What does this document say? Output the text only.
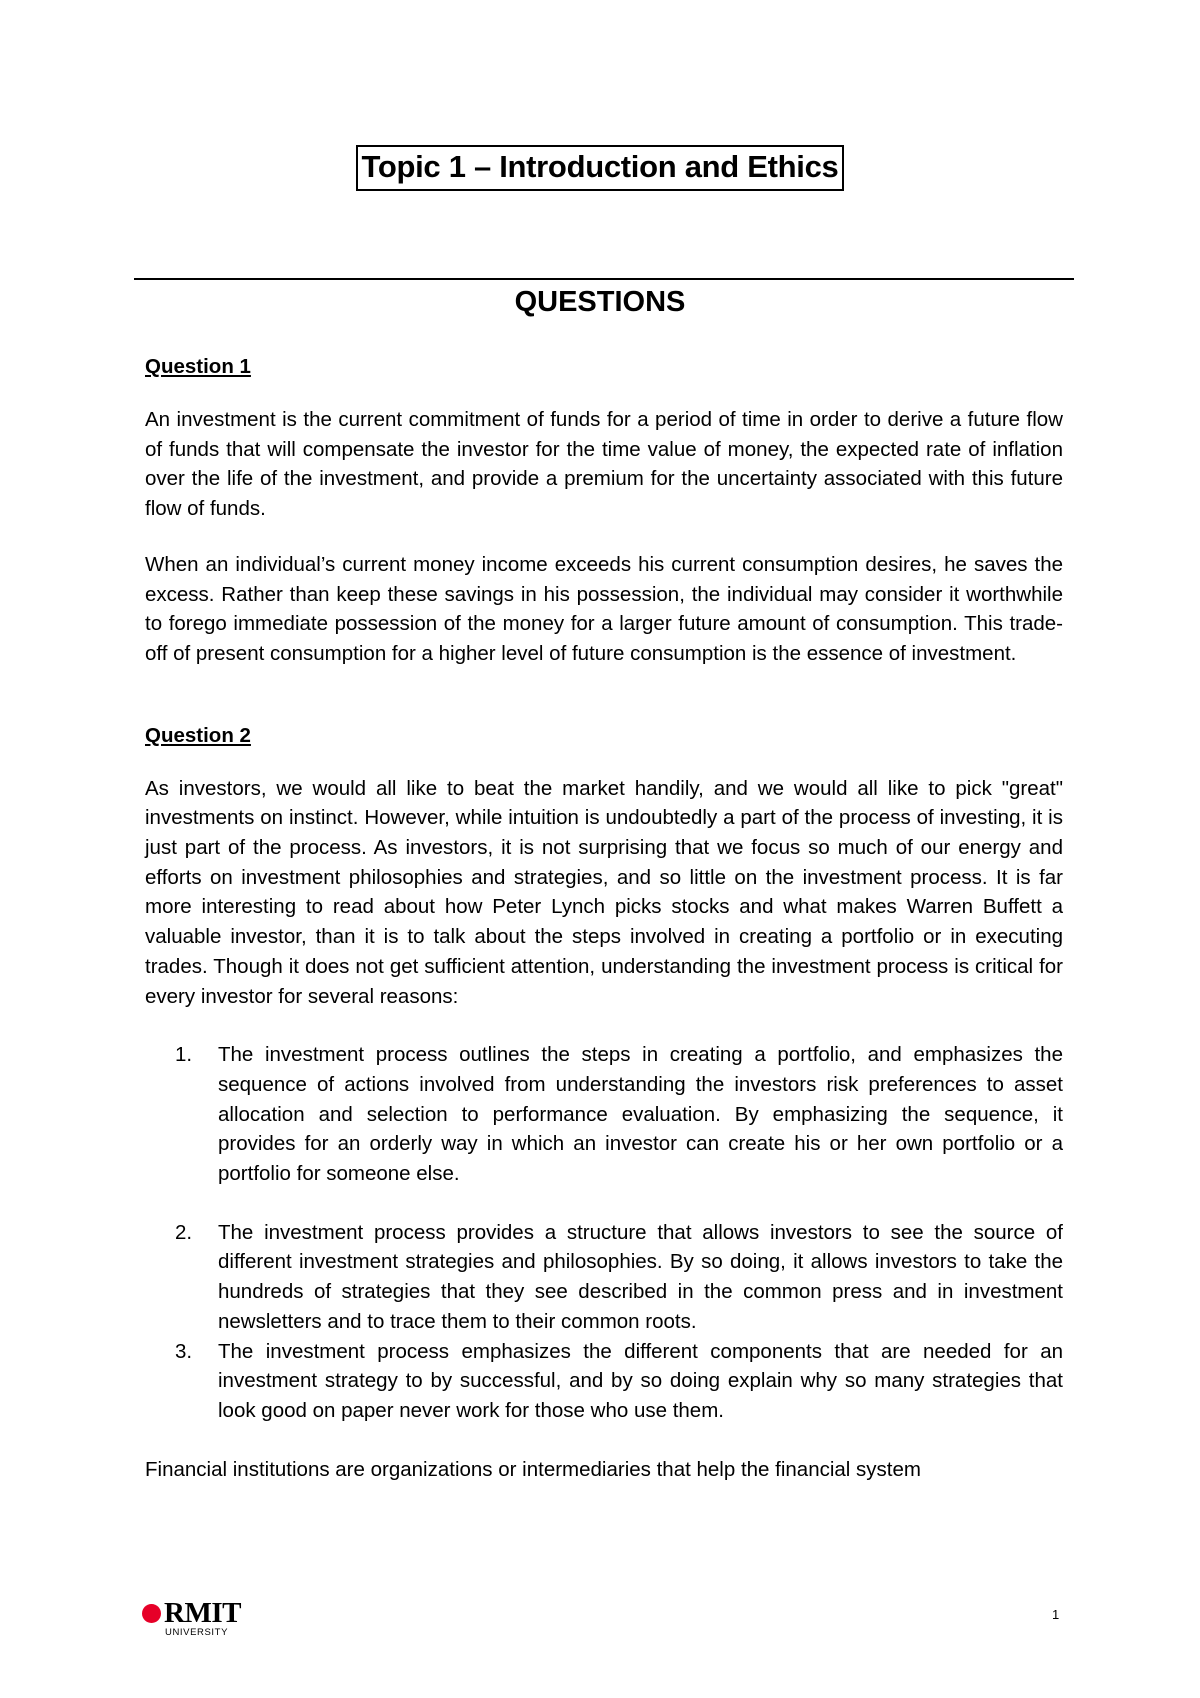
Topic 1 – Introduction and Ethics
QUESTIONS

Question 1

An investment is the current commitment of funds for a period of time in order to derive a future flow of funds that will compensate the investor for the time value of money, the expected rate of inflation over the life of the investment, and provide a premium for the uncertainty associated with this future flow of funds.

When an individual’s current money income exceeds his current consumption desires, he saves the excess. Rather than keep these savings in his possession, the individual may consider it worthwhile to forego immediate possession of the money for a larger future amount of consumption. This trade-off of present consumption for a higher level of future consumption is the essence of investment.

Question 2

As investors, we would all like to beat the market handily, and we would all like to pick "great" investments on instinct. However, while intuition is undoubtedly a part of the process of investing, it is just part of the process. As investors, it is not surprising that we focus so much of our energy and efforts on investment philosophies and strategies, and so little on the investment process. It is far more interesting to read about how Peter Lynch picks stocks and what makes Warren Buffett a valuable investor, than it is to talk about the steps involved in creating a portfolio or in executing trades. Though it does not get sufficient attention, understanding the investment process is critical for every investor for several reasons:

1. The investment process outlines the steps in creating a portfolio, and emphasizes the sequence of actions involved from understanding the investors risk preferences to asset allocation and selection to performance evaluation. By emphasizing the sequence, it provides for an orderly way in which an investor can create his or her own portfolio or a portfolio for someone else.
2. The investment process provides a structure that allows investors to see the source of different investment strategies and philosophies. By so doing, it allows investors to take the hundreds of strategies that they see described in the common press and in investment newsletters and to trace them to their common roots.
3. The investment process emphasizes the different components that are needed for an investment strategy to by successful, and by so doing explain why so many strategies that look good on paper never work for those who use them.

Financial institutions are organizations or intermediaries that help the financial system

RMIT
UNIVERSITY
1
